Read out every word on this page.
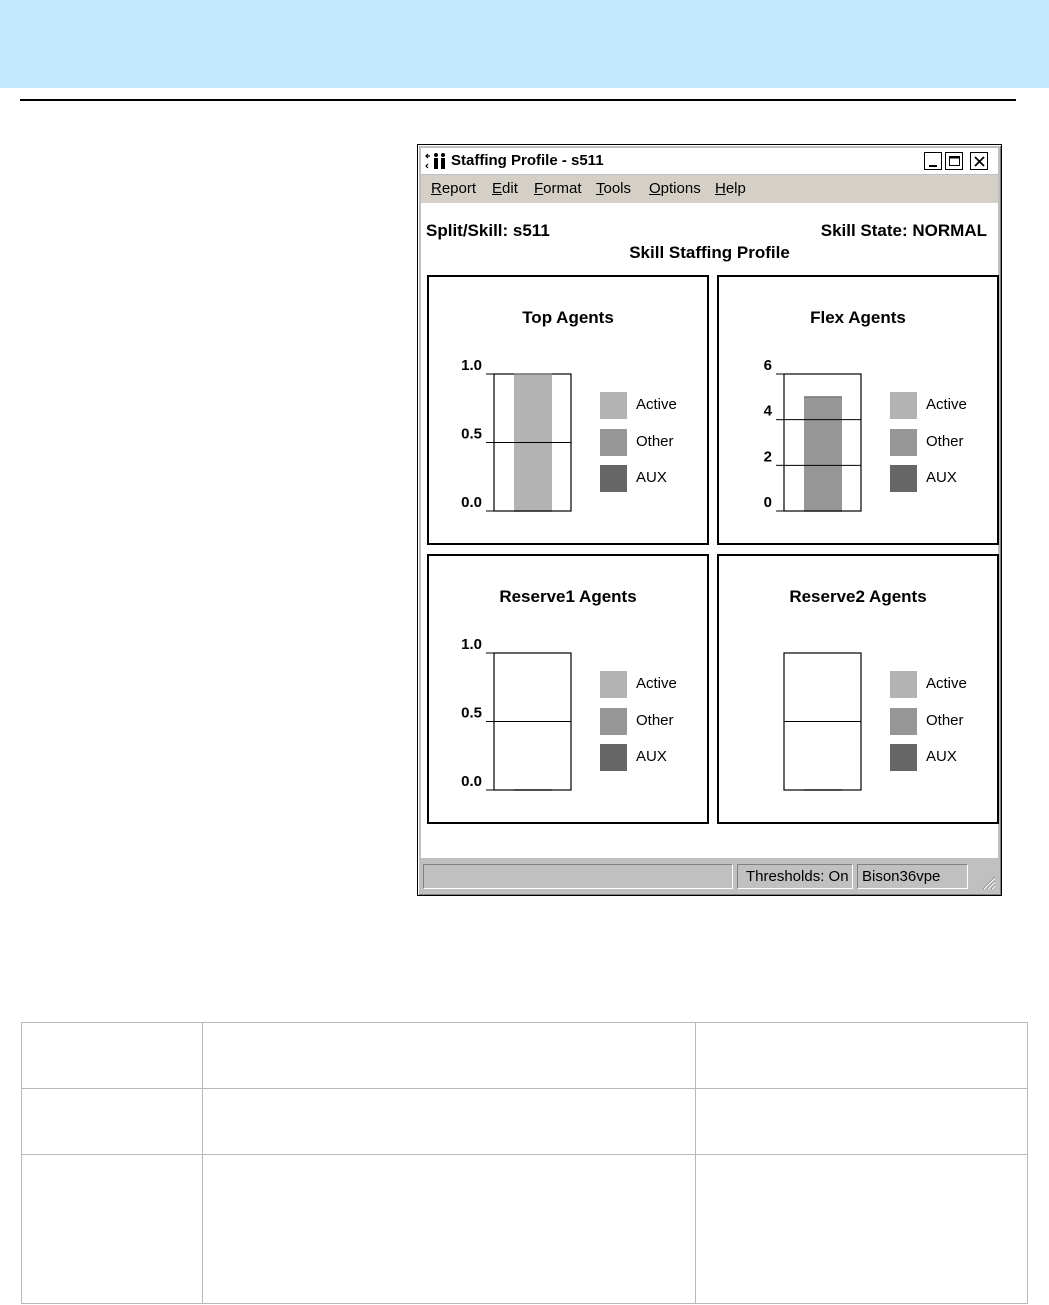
Staffing Profile - s511
Report Edit Format Tools Options Help
Split/Skill: s511	Skill State: NORMAL
Skill Staffing Profile
Top Agents
0.0
0.5
1.0
Active
Other
AUX
Flex Agents
0
2
4
6
Active
Other
AUX
Reserve1 Agents
0.0
0.5
1.0
Active
Other
AUX
Reserve2 Agents
Active
Other
AUX
Thresholds: On Bison36vpe
